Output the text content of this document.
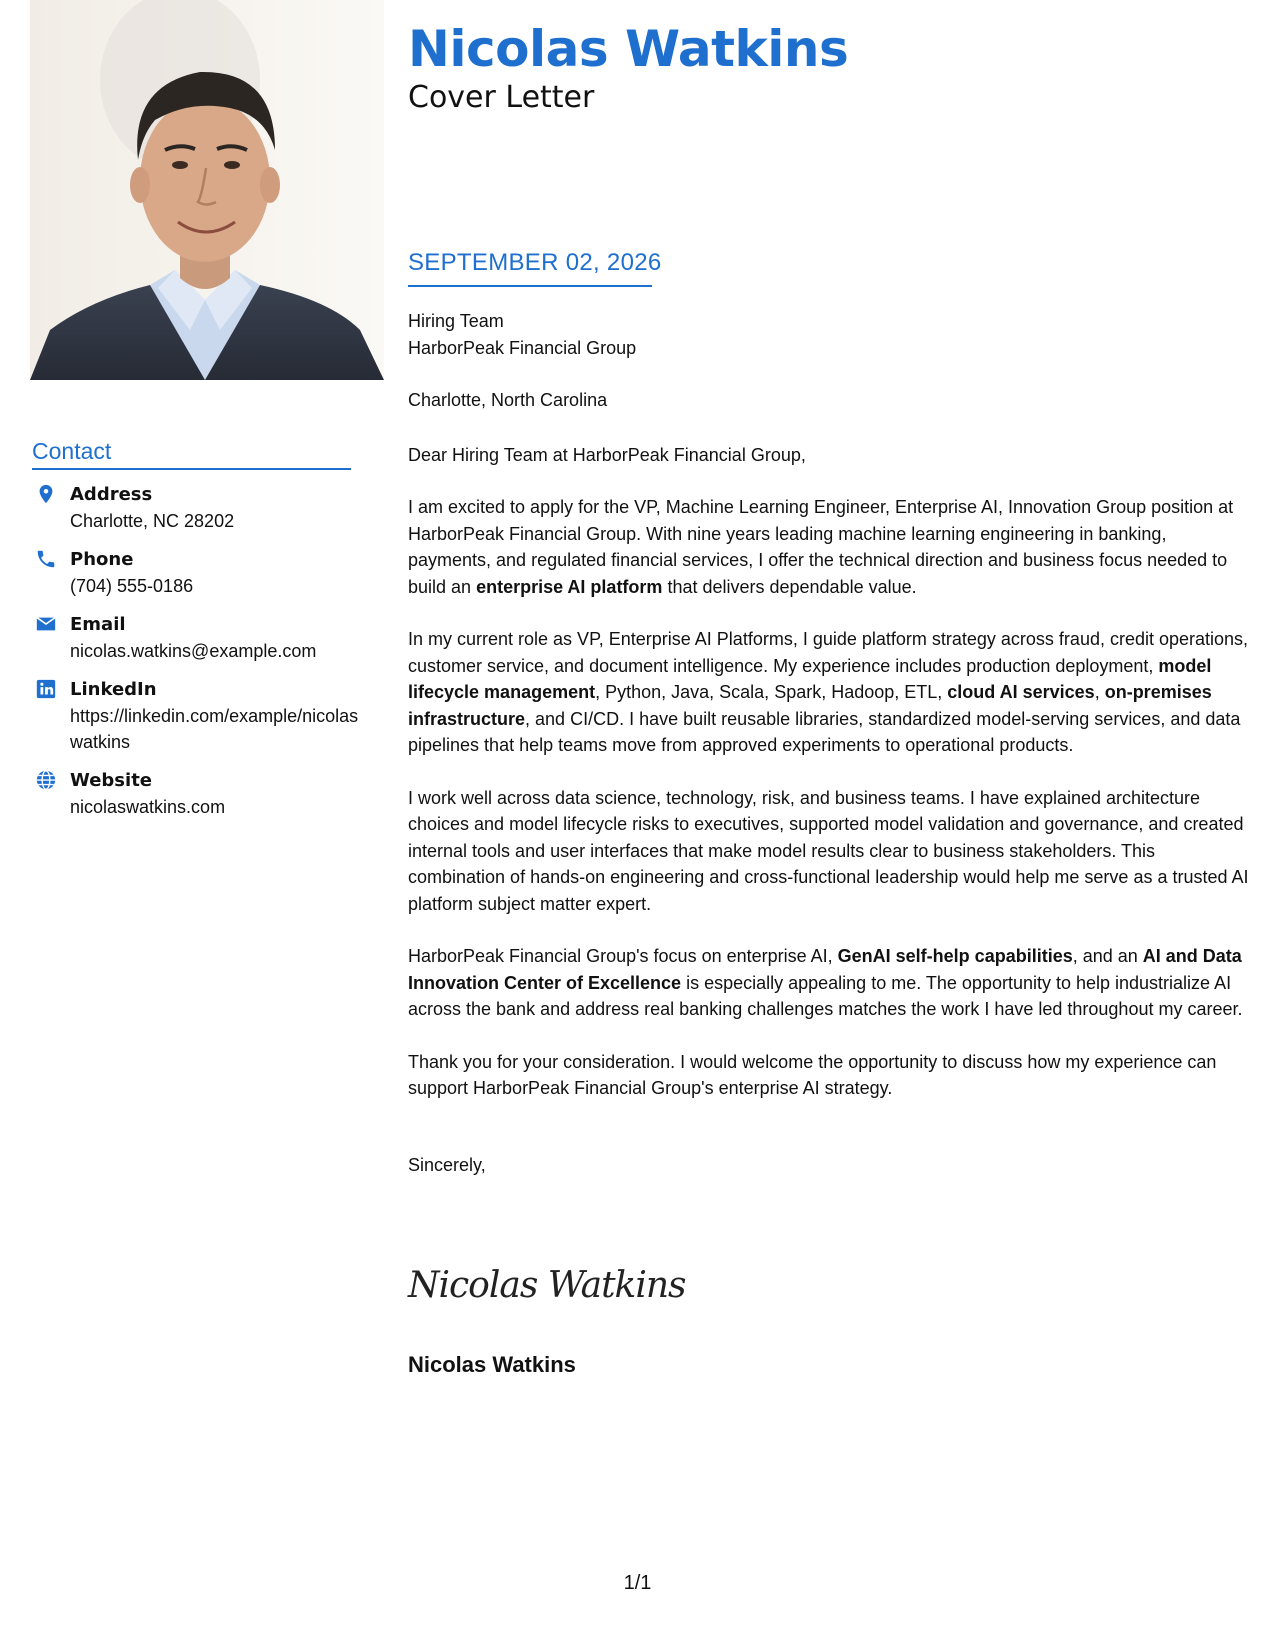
Nicolas Watkins
Cover Letter
SEPTEMBER 02, 2026
Contact
Address
Charlotte, NC 28202
Phone
(704) 555-0186
Email
nicolas.watkins@example.com
LinkedIn
https://linkedin.com/example/nicolaswatkins
Website
nicolaswatkins.com

Hiring Team

HarborPeak Financial Group

Charlotte, North Carolina

Dear Hiring Team at HarborPeak Financial Group,

I am excited to apply for the VP, Machine Learning Engineer, Enterprise AI, Innovation Group position at HarborPeak Financial Group. With nine years leading machine learning engineering in banking, payments, and regulated financial services, I offer the technical direction and business focus needed to build an enterprise AI platform that delivers dependable value.

In my current role as VP, Enterprise AI Platforms, I guide platform strategy across fraud, credit operations, customer service, and document intelligence. My experience includes production deployment, model lifecycle management, Python, Java, Scala, Spark, Hadoop, ETL, cloud AI services, on-premises infrastructure, and CI/CD. I have built reusable libraries, standardized model-serving services, and data pipelines that help teams move from approved experiments to operational products.

I work well across data science, technology, risk, and business teams. I have explained architecture choices and model lifecycle risks to executives, supported model validation and governance, and created internal tools and user interfaces that make model results clear to business stakeholders. This combination of hands-on engineering and cross-functional leadership would help me serve as a trusted AI platform subject matter expert.

HarborPeak Financial Group's focus on enterprise AI, GenAI self-help capabilities, and an AI and Data Innovation Center of Excellence is especially appealing to me. The opportunity to help industrialize AI across the bank and address real banking challenges matches the work I have led throughout my career.

Thank you for your consideration. I would welcome the opportunity to discuss how my experience can support HarborPeak Financial Group's enterprise AI strategy.

Sincerely,

Nicolas Watkins
Nicolas Watkins
1/1
